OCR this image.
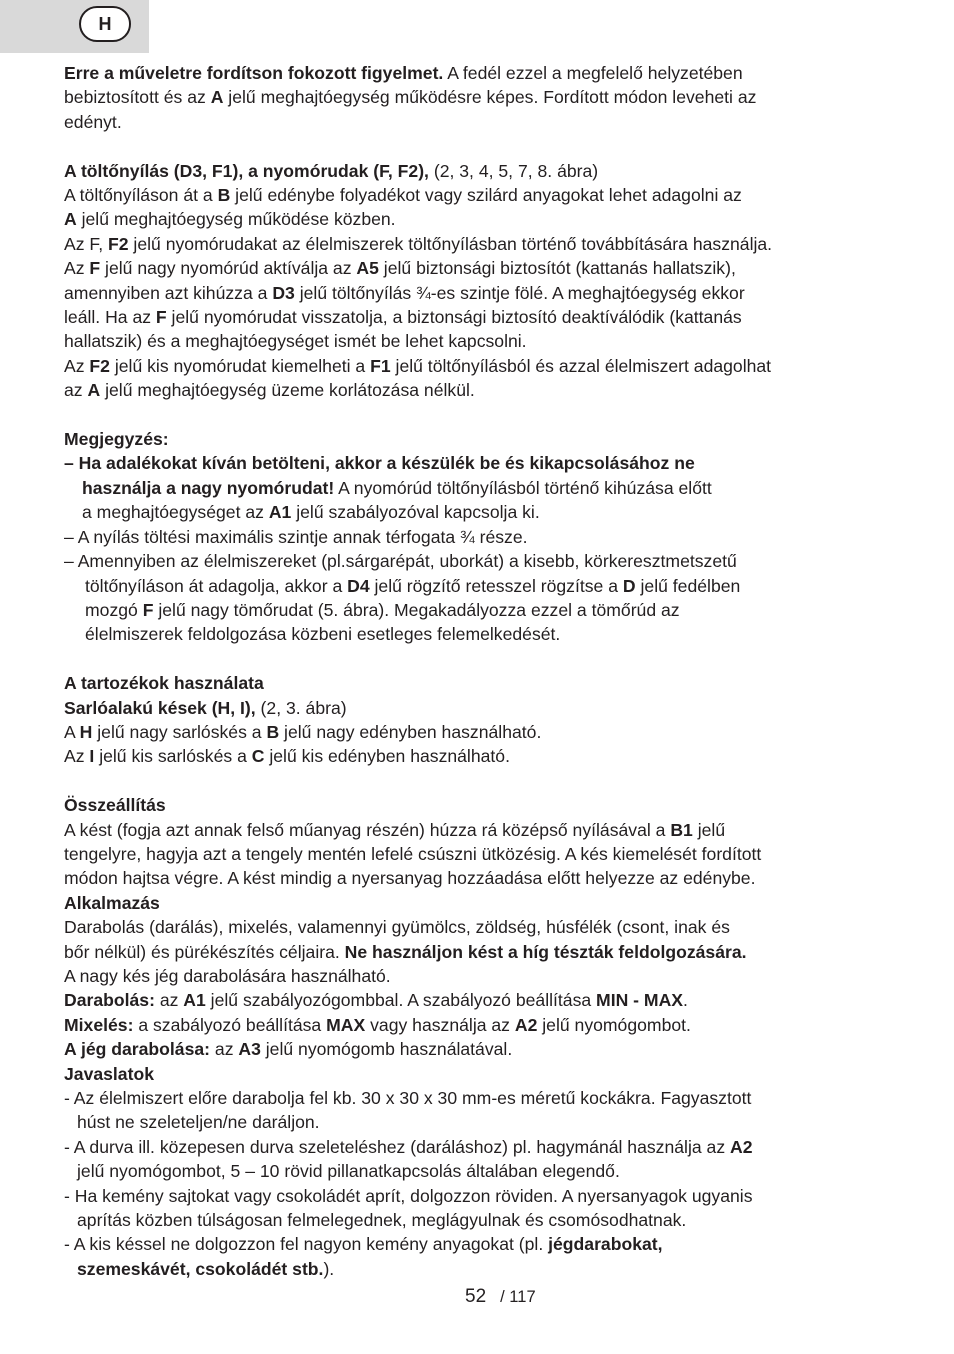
H

Erre a műveletre fordítson fokozott figyelmet. A fedél ezzel a megfelelő helyzetében

bebiztosított és az A jelű meghajtóegység működésre képes. Fordított módon leveheti az

edényt.

A töltőnyílás (D3, F1), a nyomórudak (F, F2), (2, 3, 4, 5, 7, 8. ábra)

A töltőnyíláson át a B jelű edénybe folyadékot vagy szilárd anyagokat lehet adagolni az

A jelű meghajtóegység működése közben.

Az F, F2 jelű nyomórudakat az élelmiszerek töltőnyílásban történő továbbítására használja.

Az F jelű nagy nyomórúd aktíválja az A5 jelű biztonsági biztosítót (kattanás hallatszik),

amennyiben azt kihúzza a D3 jelű töltőnyílás ¾-es szintje fölé. A meghajtóegység ekkor

leáll. Ha az F jelű nyomórudat visszatolja, a biztonsági biztosító deaktíválódik (kattanás

hallatszik) és a meghajtóegységet ismét be lehet kapcsolni.

Az F2 jelű kis nyomórudat kiemelheti a F1 jelű töltőnyílásból és azzal élelmiszert adagolhat

az A jelű meghajtóegység üzeme korlátozása nélkül.

Megjegyzés:

– Ha adalékokat kíván betölteni, akkor a készülék be és kikapcsolásához ne

használja a nagy nyomórudat! A nyomórúd töltőnyílásból történő kihúzása előtt

a meghajtóegységet az A1 jelű szabályozóval kapcsolja ki.

– A nyílás töltési maximális szintje annak térfogata ¾ része.

– Amennyiben az élelmiszereket (pl.sárgarépát, uborkát) a kisebb, körkeresztmetszetű

töltőnyíláson át adagolja, akkor a D4 jelű rögzítő retesszel rögzítse a D jelű fedélben

mozgó F jelű nagy tömőrudat (5. ábra). Megakadályozza ezzel a tömőrúd az

élelmiszerek feldolgozása közbeni esetleges felemelkedését.

A tartozékok használata

Sarlóalakú kések (H, I), (2, 3. ábra)

A H jelű nagy sarlóskés a B jelű nagy edényben használható.

Az I jelű kis sarlóskés a C jelű kis edényben használható.

Összeállítás

A kést (fogja azt annak felső műanyag részén) húzza rá középső nyílásával a B1 jelű

tengelyre, hagyja azt a tengely mentén lefelé csúszni ütközésig. A kés kiemelését fordított

módon hajtsa végre. A kést mindig a nyersanyag hozzáadása előtt helyezze az edénybe.

Alkalmazás

Darabolás (darálás), mixelés, valamennyi gyümölcs, zöldség, húsfélék (csont, inak és

bőr nélkül) és pürékészítés céljaira. Ne használjon kést a híg tészták feldolgozására.

A nagy kés jég darabolására használható.

Darabolás: az A1 jelű szabályozógombbal. A szabályozó beállítása MIN - MAX.

Mixelés: a szabályozó beállítása MAX vagy használja az A2 jelű nyomógombot.

A jég darabolása: az A3 jelű nyomógomb használatával.

Javaslatok

- Az élelmiszert előre darabolja fel kb. 30 x 30 x 30 mm-es méretű kockákra. Fagyasztott

húst ne szeleteljen/ne daráljon.

- A durva ill. közepesen durva szeleteléshez (daráláshoz) pl. hagymánál használja az A2

jelű nyomógombot, 5 – 10 rövid pillanatkapcsolás általában elegendő.

- Ha kemény sajtokat vagy csokoládét aprít, dolgozzon röviden. A nyersanyagok ugyanis

aprítás közben túlságosan felmelegednek, meglágyulnak és csomósodhatnak.

- A kis késsel ne dolgozzon fel nagyon kemény anyagokat (pl. jégdarabokat,

szemeskávét, csokoládét stb.).

52 / 117
